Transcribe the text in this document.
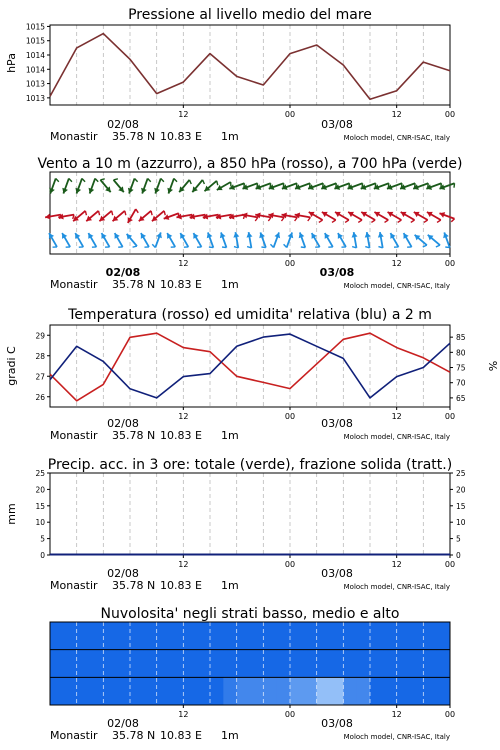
Pressione al livello medio del mare
hPa
1013
1013
1014
1014
1015
1015
12	00	12	00
02/08	03/08
Monastir 35.78 N 10.83 E 1m	Moloch model, CNR-ISAC, Italy
Vento a 10 m (azzurro), a 850 hPa (rosso), a 700 hPa (verde)
12	00	12	00
02/08	03/08
Monastir 35.78 N 10.83 E 1m	Moloch model, CNR-ISAC, Italy
Temperatura (rosso) ed umidita' relativa (blu) a 2 m
gradi C	%
26
27
28
29
65
70
75
80
85
12	00	12	00
02/08	03/08
Monastir 35.78 N 10.83 E 1m	Moloch model, CNR-ISAC, Italy
Precip. acc. in 3 ore: totale (verde), frazione solida (tratt.)
mm
0
5
10
15
20
25
0
5
10
15
20
25
12	00	12	00
02/08	03/08
Monastir 35.78 N 10.83 E 1m	Moloch model, CNR-ISAC, Italy
Nuvolosita' negli strati basso, medio e alto
12	00	12	00
02/08	03/08
Monastir 35.78 N 10.83 E 1m	Moloch model, CNR-ISAC, Italy
